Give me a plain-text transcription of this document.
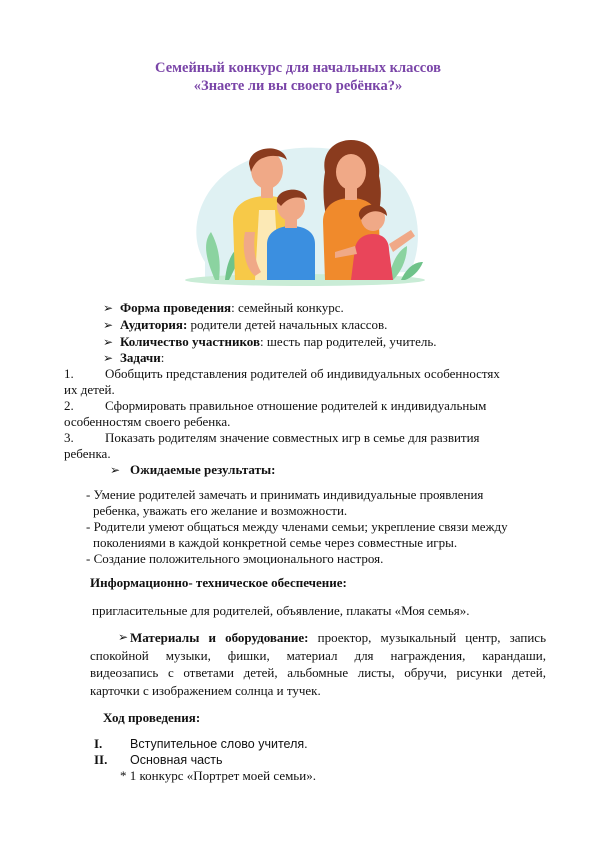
Семейный конкурс для начальных классов
«Знаете ли вы своего ребёнка?»
➢ Форма проведения: семейный конкурс.
➢ Аудитория: родители детей начальных классов.
➢ Количество участников: шесть пар родителей, учитель.
➢ Задачи:
1. Обобщить представления родителей об индивидуальных особенностях
их детей.
2. Сформировать правильное отношение родителей к индивидуальным
особенностям своего ребенка.
3. Показать родителям значение совместных игр в семье для развития
ребенка.
➢ Ожидаемые результаты:
- Умение родителей замечать и принимать индивидуальные проявления
ребенка, уважать его желание и возможности.
- Родители умеют общаться между членами семьи; укрепление связи между
поколениями в каждой конкретной семье через совместные игры.
- Создание положительного эмоционального настроя.
Информационно- техническое обеспечение:
пригласительные для родителей, объявление, плакаты «Моя семья».
➢ Материалы и оборудование: проектор, музыкальный центр, запись
спокойной музыки, фишки, материал для награждения, карандаши,
видеозапись с ответами детей, альбомные листы, обручи, рисунки детей,
карточки с изображением солнца и тучек.
Ход проведения:
I. Вступительное слово учителя.
II. Основная часть
* 1 конкурс «Портрет моей семьи».
